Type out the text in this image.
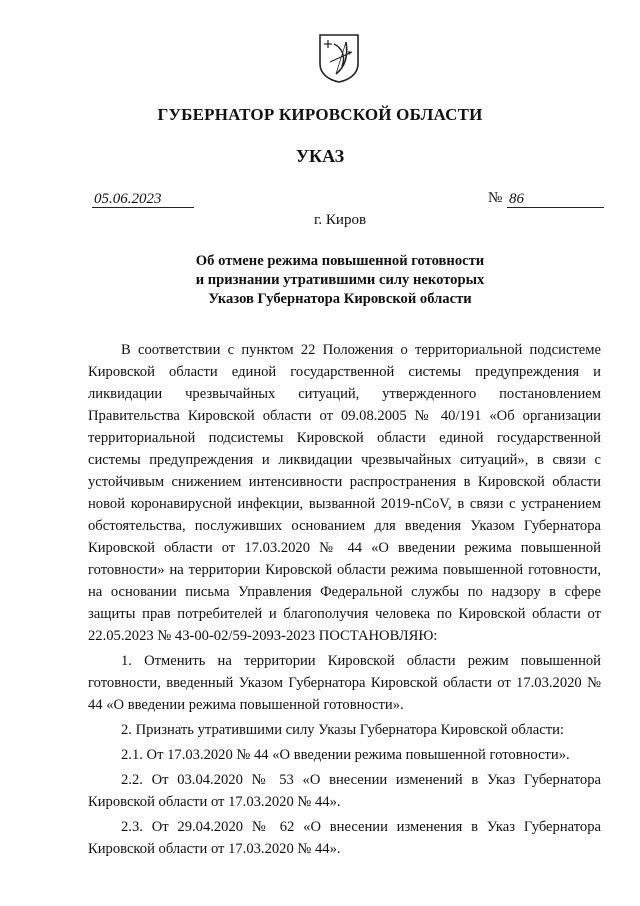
ГУБЕРНАТОР КИРОВСКОЙ ОБЛАСТИ
УКАЗ
05.06.2023	№ 86
г. Киров
Об отмене режима повышенной готовности
и признании утратившими силу некоторых
Указов Губернатора Кировской области

В соответствии с пунктом 22 Положения о территориальной подсистеме Кировской области единой государственной системы предупреждения и ликвидации чрезвычайных ситуаций, утвержденного постановлением Правительства Кировской области от 09.08.2005 № 40/191 «Об организации территориальной подсистемы Кировской области единой государственной системы предупреждения и ликвидации чрезвычайных ситуаций», в связи с устойчивым снижением интенсивности распространения в Кировской области новой коронавирусной инфекции, вызванной 2019-nCoV, в связи с устранением обстоятельства, послуживших основанием для введения Указом Губернатора Кировской области от 17.03.2020 № 44 «О введении режима повышенной готовности» на территории Кировской области режима повышенной готовности, на основании письма Управления Федеральной службы по надзору в сфере защиты прав потребителей и благополучия человека по Кировской области от 22.05.2023 № 43-00-02/59-2093-2023 ПОСТАНОВЛЯЮ:

1. Отменить на территории Кировской области режим повышенной готовности, введенный Указом Губернатора Кировской области от 17.03.2020 № 44 «О введении режима повышенной готовности».

2. Признать утратившими силу Указы Губернатора Кировской области:

2.1. От 17.03.2020 № 44 «О введении режима повышенной готовности».

2.2. От 03.04.2020 № 53 «О внесении изменений в Указ Губернатора Кировской области от 17.03.2020 № 44».

2.3. От 29.04.2020 № 62 «О внесении изменения в Указ Губернатора Кировской области от 17.03.2020 № 44».
